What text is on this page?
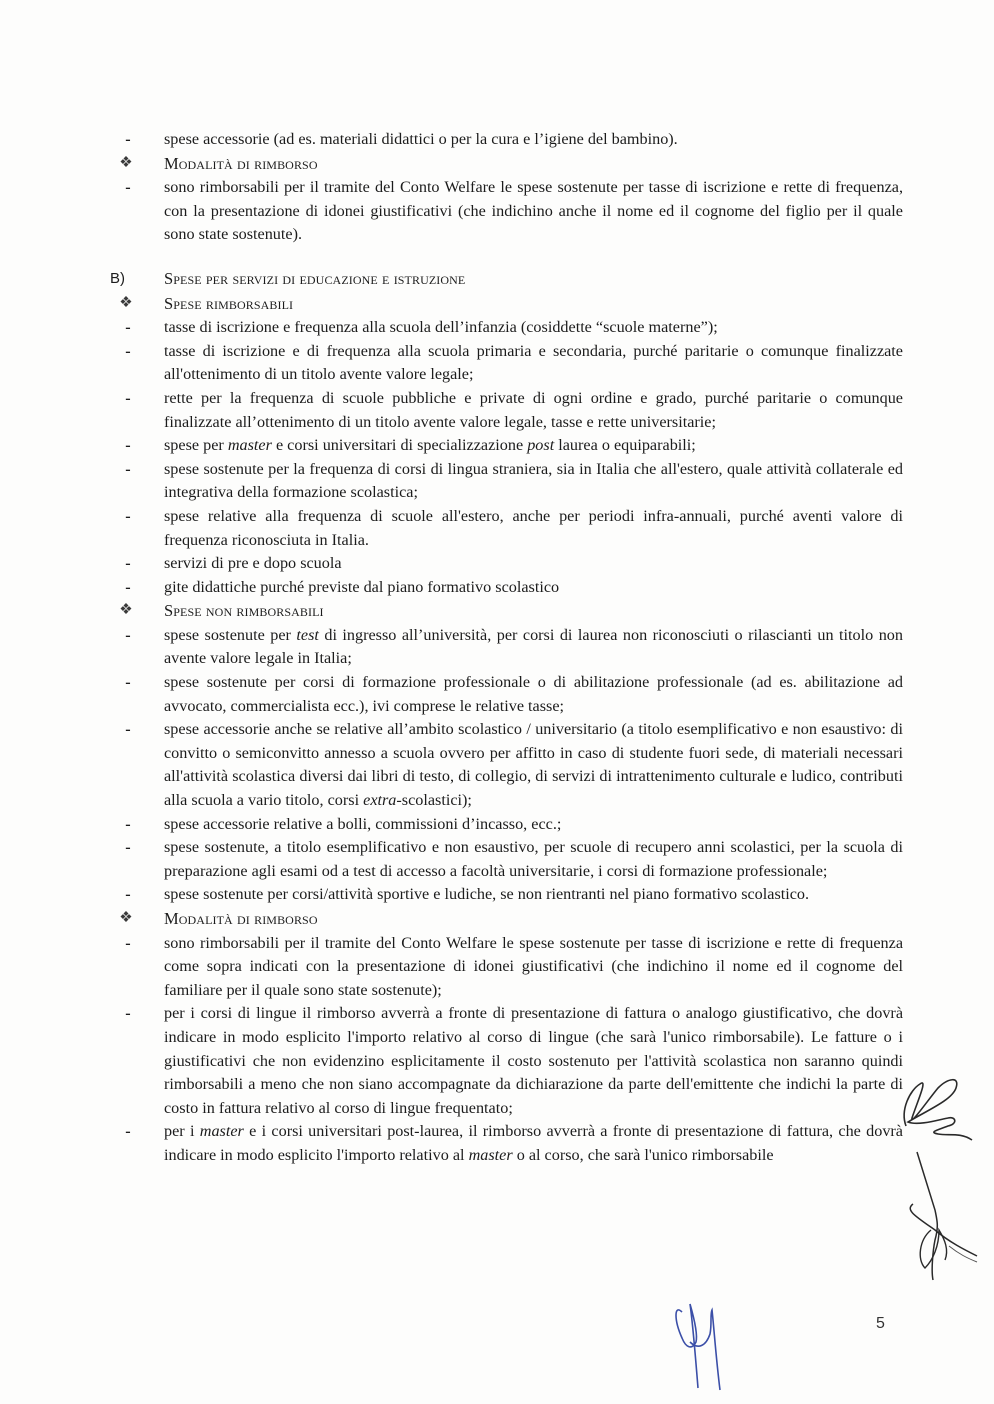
-	spese accessorie (ad es. materiali didattici o per la cura e l’igiene del bambino).
❖ Modalità di rimborso
-	sono rimborsabili per il tramite del Conto Welfare le spese sostenute per tasse di iscrizione e rette di frequenza, con la presentazione di idonei giustificativi (che indichino anche il nome ed il cognome del figlio per il quale sono state sostenute).
B)	Spese per servizi di educazione e istruzione
❖ Spese rimborsabili
-	tasse di iscrizione e frequenza alla scuola dell’infanzia (cosiddette “scuole materne”);
-	tasse di iscrizione e di frequenza alla scuola primaria e secondaria, purché paritarie o comunque finalizzate all'ottenimento di un titolo avente valore legale;
-	rette per la frequenza di scuole pubbliche e private di ogni ordine e grado, purché paritarie o comunque finalizzate all’ottenimento di un titolo avente valore legale, tasse e rette universitarie;
-	spese per master e corsi universitari di specializzazione post laurea o equiparabili;
-	spese sostenute per la frequenza di corsi di lingua straniera, sia in Italia che all'estero, quale attività collaterale ed integrativa della formazione scolastica;
-	spese relative alla frequenza di scuole all'estero, anche per periodi infra-annuali, purché aventi valore di frequenza riconosciuta in Italia.
-	servizi di pre e dopo scuola
-	gite didattiche purché previste dal piano formativo scolastico
❖ Spese non rimborsabili
-	spese sostenute per test di ingresso all’università, per corsi di laurea non riconosciuti o rilascianti un titolo non avente valore legale in Italia;
-	spese sostenute per corsi di formazione professionale o di abilitazione professionale (ad es. abilitazione ad avvocato, commercialista ecc.), ivi comprese le relative tasse;
-	spese accessorie anche se relative all’ambito scolastico / universitario (a titolo esemplificativo e non esaustivo: di convitto o semiconvitto annesso a scuola ovvero per affitto in caso di studente fuori sede, di materiali necessari all'attività scolastica diversi dai libri di testo, di collegio, di servizi di intrattenimento culturale e ludico, contributi alla scuola a vario titolo, corsi extra-scolastici);
-	spese accessorie relative a bolli, commissioni d’incasso, ecc.;
-	spese sostenute, a titolo esemplificativo e non esaustivo, per scuole di recupero anni scolastici, per la scuola di preparazione agli esami od a test di accesso a facoltà universitarie, i corsi di formazione professionale;
-	spese sostenute per corsi/attività sportive e ludiche, se non rientranti nel piano formativo scolastico.
❖ Modalità di rimborso
-	sono rimborsabili per il tramite del Conto Welfare le spese sostenute per tasse di iscrizione e rette di frequenza come sopra indicati con la presentazione di idonei giustificativi (che indichino il nome ed il cognome del familiare per il quale sono state sostenute);
-	per i corsi di lingue il rimborso avverrà a fronte di presentazione di fattura o analogo giustificativo, che dovrà indicare in modo esplicito l'importo relativo al corso di lingue (che sarà l'unico rimborsabile). Le fatture o i giustificativi che non evidenzino esplicitamente il costo sostenuto per l'attività scolastica non saranno quindi rimborsabili a meno che non siano accompagnate da dichiarazione da parte dell'emittente che indichi la parte di costo in fattura relativo al corso di lingue frequentato;
-	per i master e i corsi universitari post-laurea, il rimborso avverrà a fronte di presentazione di fattura, che dovrà indicare in modo esplicito l'importo relativo al master o al corso, che sarà l'unico rimborsabile
5
